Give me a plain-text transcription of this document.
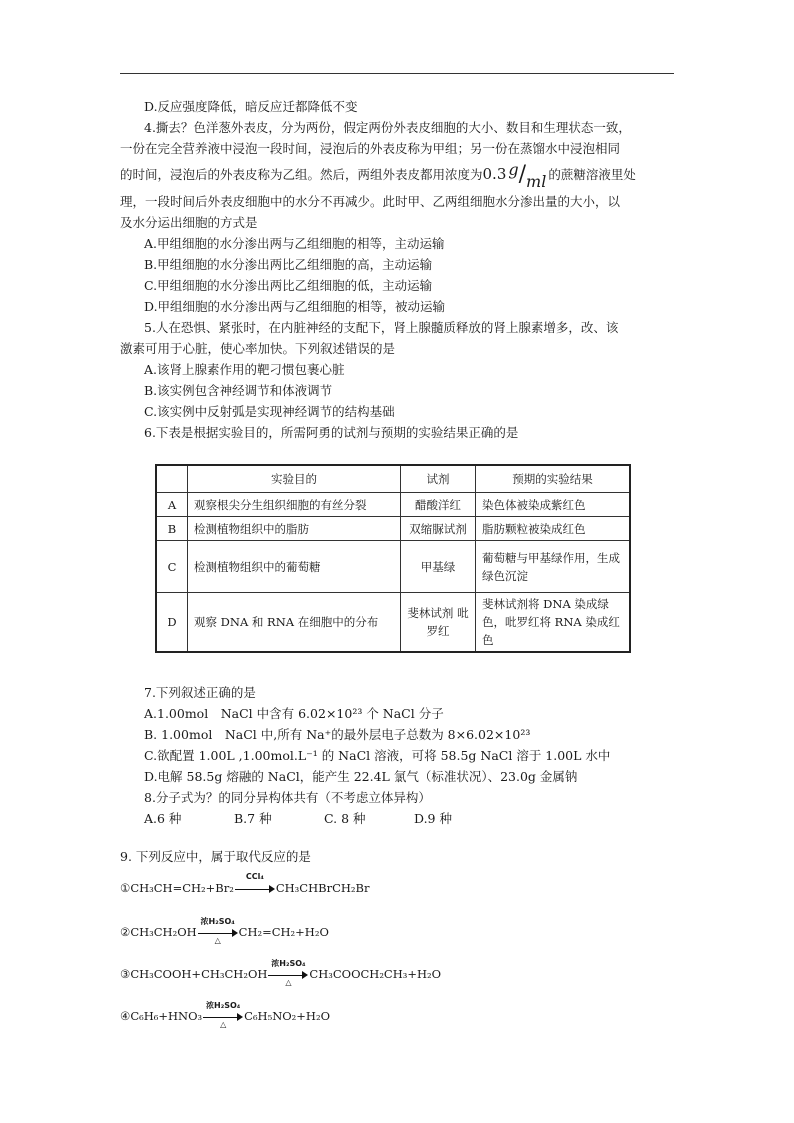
D.反应强度降低，暗反应迁都降低不变

4.撕去？色洋葱外表皮，分为两份，假定两份外表皮细胞的大小、数目和生理状态一致，

一份在完全营养液中浸泡一段时间，浸泡后的外表皮称为甲组；另一份在蒸馏水中浸泡相同

的时间，浸泡后的外表皮称为乙组。然后，两组外表皮都用浓度为0.3 g/ml 的蔗糖溶液里处

理，一段时间后外表皮细胞中的水分不再减少。此时甲、乙两组细胞水分渗出量的大小，以

及水分运出细胞的方式是

A.甲组细胞的水分渗出两与乙组细胞的相等，主动运输

B.甲组细胞的水分渗出两比乙组细胞的高，主动运输

C.甲组细胞的水分渗出两比乙组细胞的低，主动运输

D.甲组细胞的水分渗出两与乙组细胞的相等，被动运输

5.人在恐惧、紧张时，在内脏神经的支配下，肾上腺髓质释放的肾上腺素增多，改、该

激素可用于心脏，使心率加快。下列叙述错误的是

A.该肾上腺素作用的靶刁惯包裹心脏

B.该实例包含神经调节和体液调节

C.该实例中反射弧是实现神经调节的结构基础

6.下表是根据实验目的，所需阿勇的试剂与预期的实验结果正确的是

	实验目的	试剂	预期的实验结果
A	观察根尖分生组织细胞的有丝分裂	醋酸洋红	染色体被染成紫红色
B	检测植物组织中的脂肪	双缩脲试剂	脂肪颗粒被染成红色
C	检测植物组织中的葡萄糖	甲基绿	葡萄糖与甲基绿作用，生成绿色沉淀
D	观察 DNA 和 RNA 在细胞中的分布	斐林试剂 吡罗红	斐林试剂将 DNA 染成绿色，吡罗红将 RNA 染成红色

7.下列叙述正确的是

A.1.00mol　NaCl 中含有 6.02×10²³ 个 NaCl 分子

B. 1.00mol　NaCl 中,所有 Na⁺的最外层电子总数为 8×6.02×10²³

C.欲配置 1.00L ,1.00mol.L⁻¹ 的 NaCl 溶液，可将 58.5g NaCl 溶于 1.00L 水中

D.电解 58.5g 熔融的 NaCl，能产生 22.4L 氯气（标准状况）、23.0g 金属钠

8.分子式为？的同分异构体共有（不考虑立体异构）

A.6 种	B.7 种	C. 8 种	D.9 种

9. 下列反应中，属于取代反应的是

①CH₃CH=CH₂+Br₂
CCl₄
CH₃CHBrCH₂Br

②CH₃CH₂OH
浓H₂SO₄
△
CH₂=CH₂+H₂O

③CH₃COOH+CH₃CH₂OH
浓H₂SO₄
△
CH₃COOCH₂CH₃+H₂O

④C₆H₆+HNO₃
浓H₂SO₄
△
C₆H₅NO₂+H₂O
